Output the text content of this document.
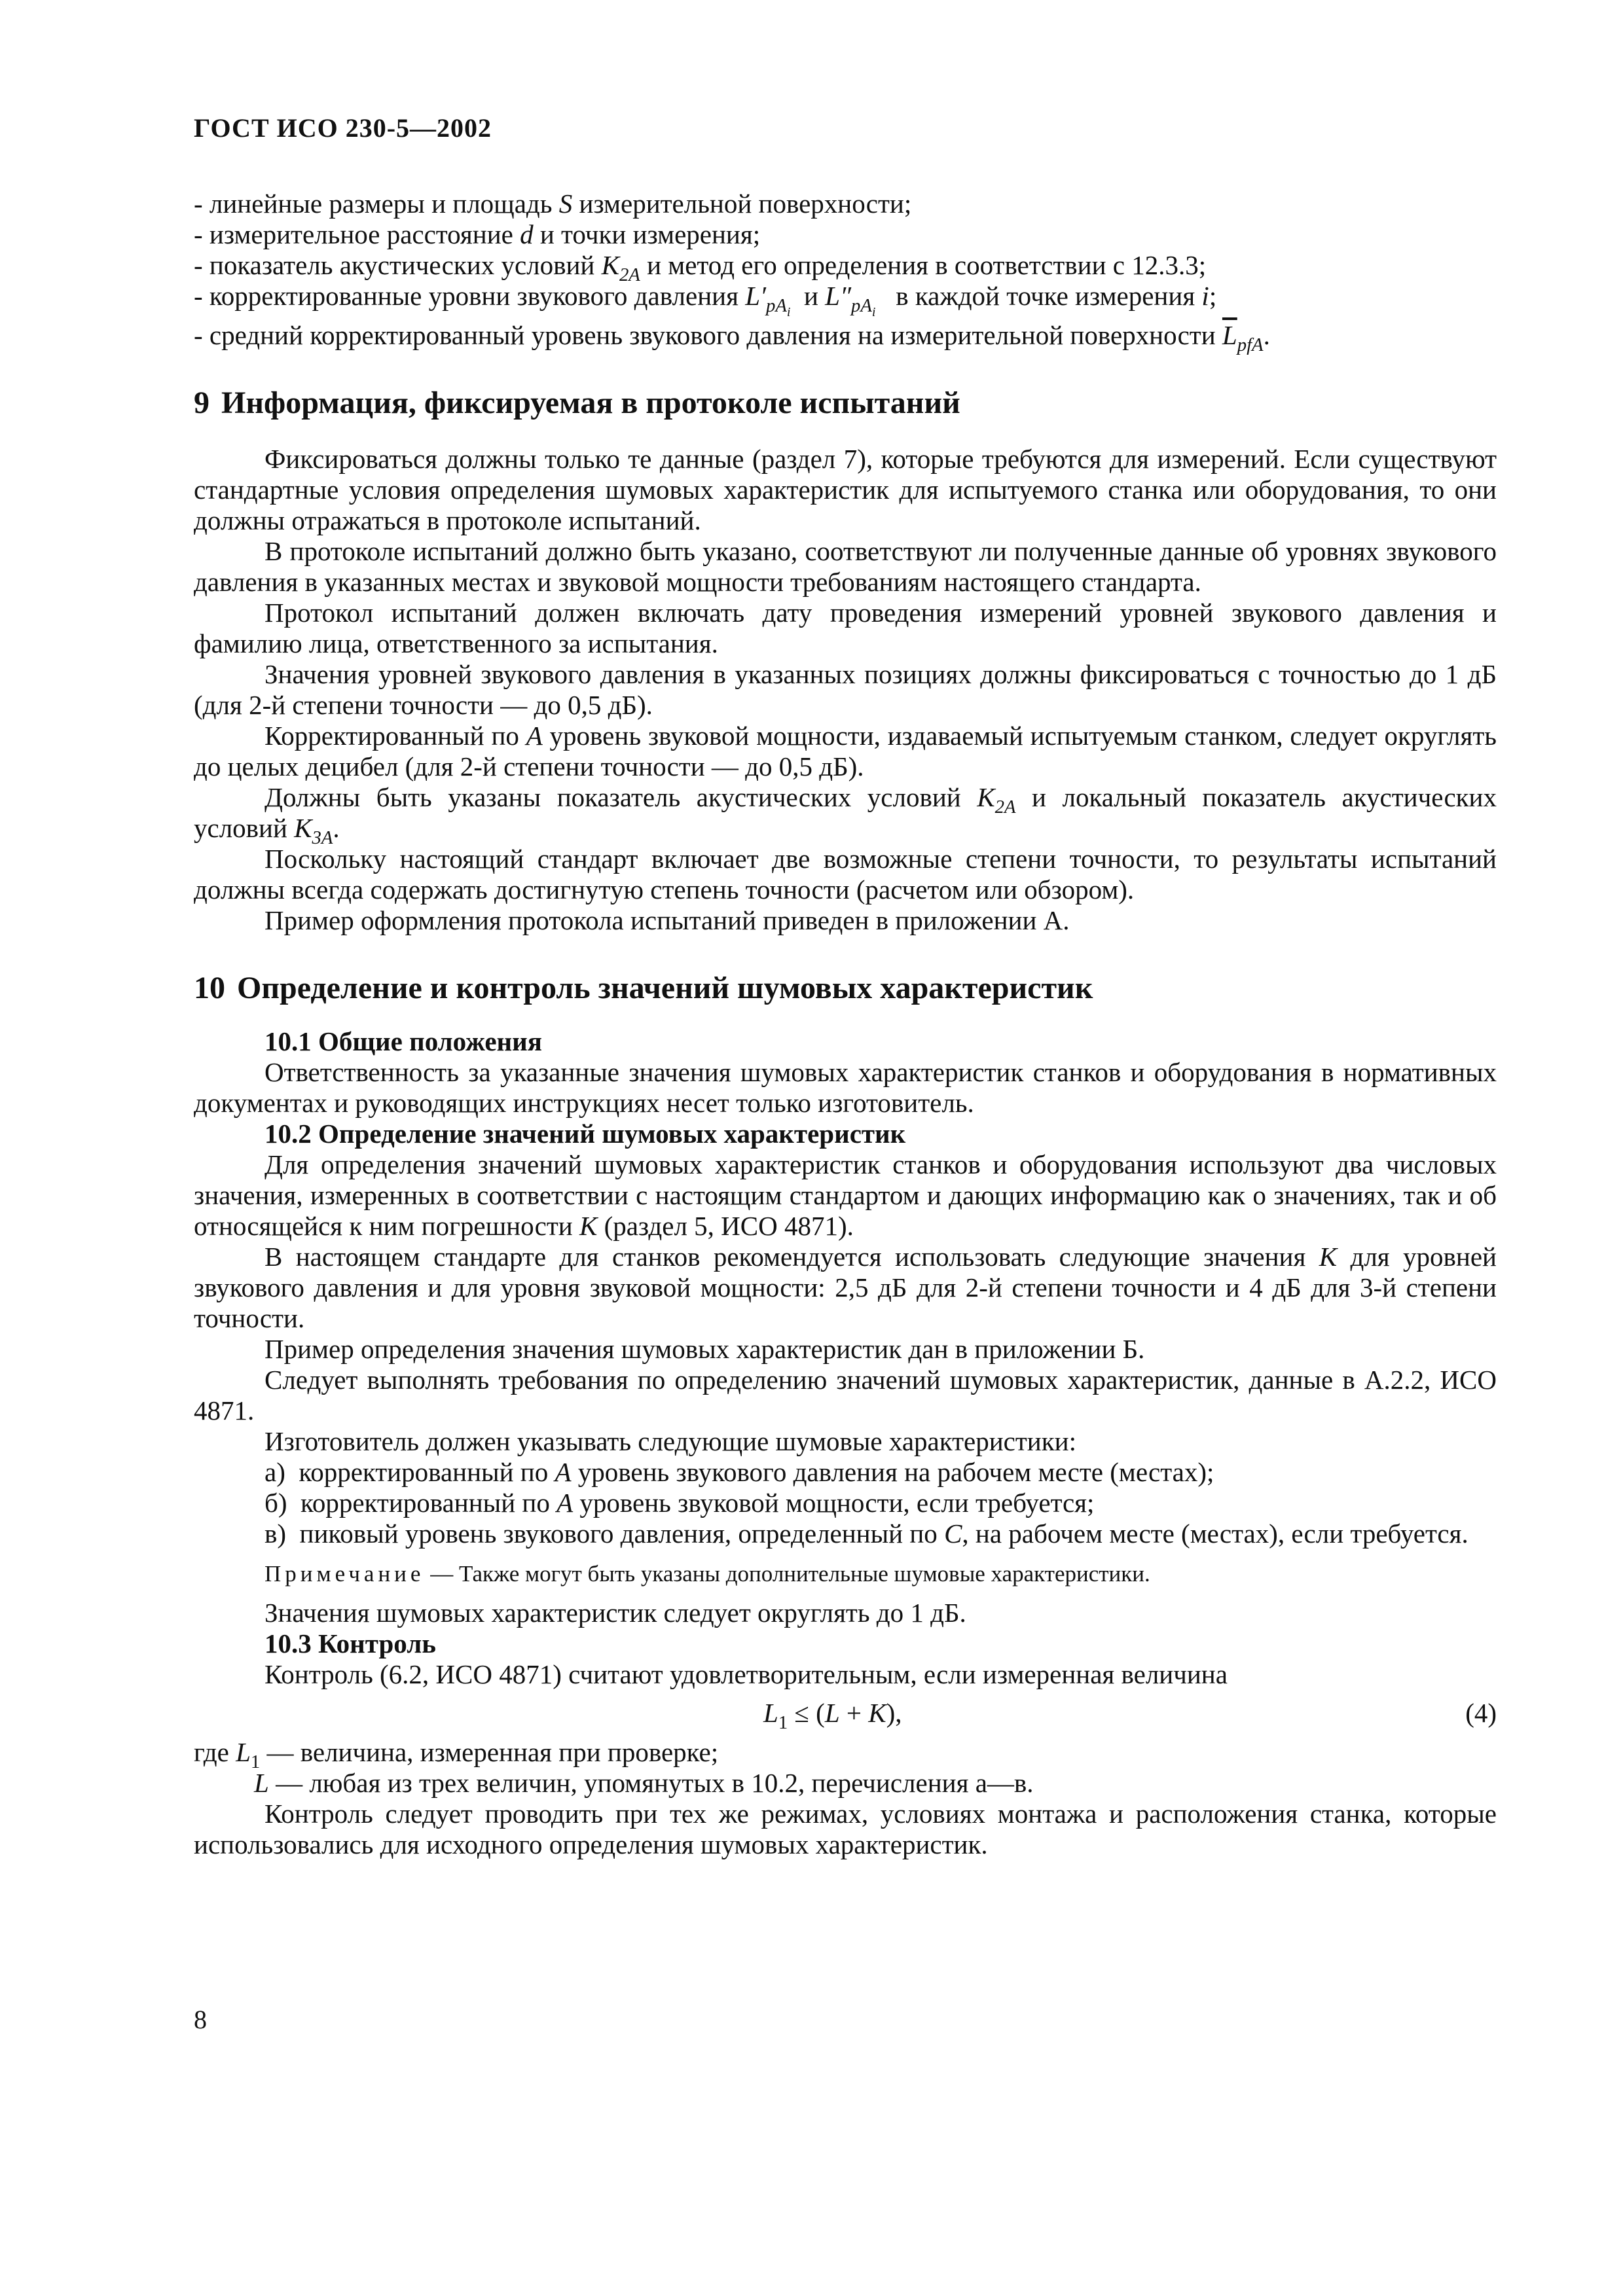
ГОСТ ИСО 230-5—2002

- линейные размеры и площадь S измерительной поверхности;

- измерительное расстояние d и точки измерения;

- показатель акустических условий $K_{2A}$ и метод его определения в соответствии с 12.3.3;

- корректированные уровни звукового давления $L'_{pA_i}$  и $L''_{pA_i}$   в каждой точке измерения i;

- средний корректированный уровень звукового давления на измерительной поверхности $\overline{L}_{pfA}$.

9 Информация, фиксируемая в протоколе испытаний

Фиксироваться должны только те данные (раздел 7), которые требуются для измерений. Если существуют стандартные условия определения шумовых характеристик для испытуемого станка или оборудования, то они должны отражаться в протоколе испытаний.

В протоколе испытаний должно быть указано, соответствуют ли полученные данные об уровнях звукового давления в указанных местах и звуковой мощности требованиям настоящего стандарта.

Протокол испытаний должен включать дату проведения измерений уровней звукового давления и фамилию лица, ответственного за испытания.

Значения уровней звукового давления в указанных позициях должны фиксироваться с точностью до 1 дБ (для 2-й степени точности — до 0,5 дБ).

Корректированный по A уровень звуковой мощности, издаваемый испытуемым станком, следует округлять до целых децибел (для 2-й степени точности — до 0,5 дБ).

Должны быть указаны показатель акустических условий $K_{2A}$ и локальный показатель акустических условий $K_{3A}$.

Поскольку настоящий стандарт включает две возможные степени точности, то результаты испытаний должны всегда содержать достигнутую степень точности (расчетом или обзором).

Пример оформления протокола испытаний приведен в приложении А.

10 Определение и контроль значений шумовых характеристик

10.1 Общие положения

Ответственность за указанные значения шумовых характеристик станков и оборудования в нормативных документах и руководящих инструкциях несет только изготовитель.

10.2 Определение значений шумовых характеристик

Для определения значений шумовых характеристик станков и оборудования используют два числовых значения, измеренных в соответствии с настоящим стандартом и дающих информацию как о значениях, так и об относящейся к ним погрешности K (раздел 5, ИСО 4871).

В настоящем стандарте для станков рекомендуется использовать следующие значения K для уровней звукового давления и для уровня звуковой мощности: 2,5 дБ для 2-й степени точности и 4 дБ для 3-й степени точности.

Пример определения значения шумовых характеристик дан в приложении Б.

Следует выполнять требования по определению значений шумовых характеристик, данные в А.2.2, ИСО 4871.

Изготовитель должен указывать следующие шумовые характеристики:

а)  корректированный по A уровень звукового давления на рабочем месте (местах);

б)  корректированный по A уровень звуковой мощности, если требуется;

в)  пиковый уровень звукового давления, определенный по C, на рабочем месте (местах), если требуется.

Примечание — Также могут быть указаны дополнительные шумовые характеристики.

Значения шумовых характеристик следует округлять до 1 дБ.

10.3 Контроль

Контроль (6.2, ИСО 4871) считают удовлетворительным, если измеренная величина

$L_1 \le (L + K)$,	(4)

где $L_1$ — величина, измеренная при проверке;

L — любая из трех величин, упомянутых в 10.2, перечисления а—в.

Контроль следует проводить при тех же режимах, условиях монтажа и расположения станка, которые использовались для исходного определения шумовых характеристик.

8
